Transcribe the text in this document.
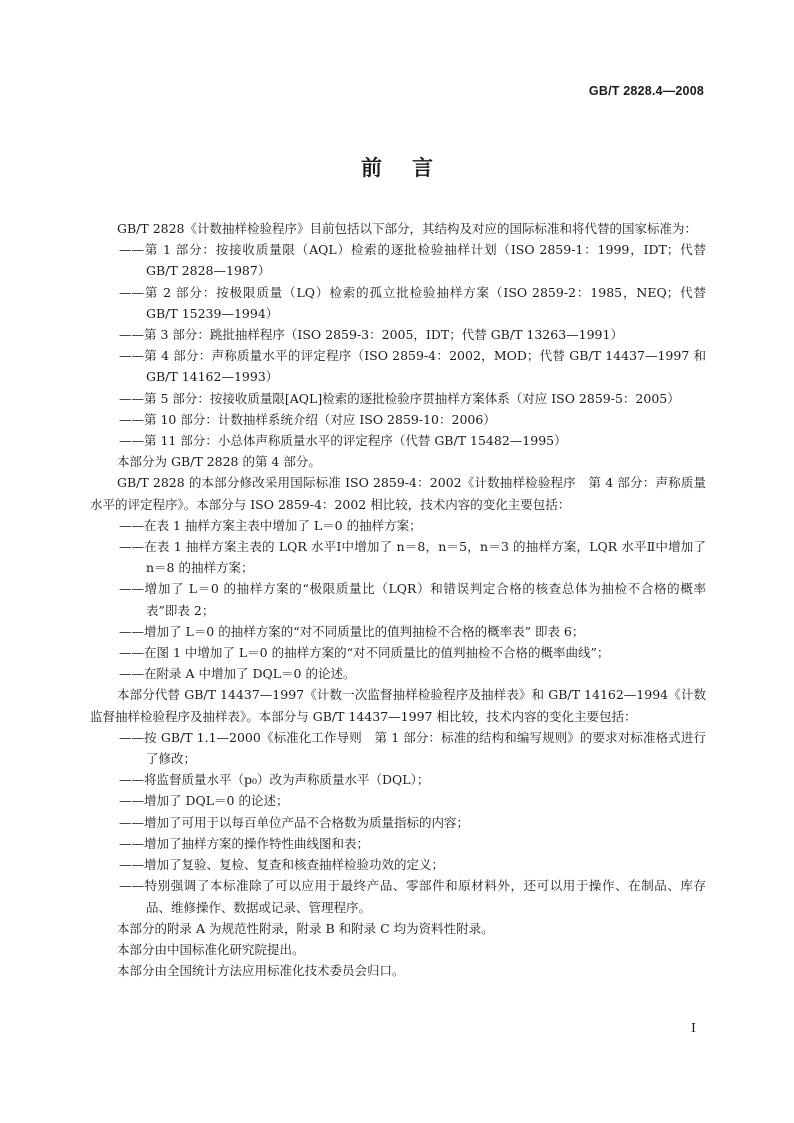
GB/T 2828.4—2008
前言

GB/T 2828《计数抽样检验程序》目前包括以下部分，其结构及对应的国际标准和将代替的国家标准为：

——第 1 部分：按接收质量限（AQL）检索的逐批检验抽样计划（ISO 2859-1：1999，IDT；代替 GB/T 2828—1987）

——第 2 部分：按极限质量（LQ）检索的孤立批检验抽样方案（ISO 2859-2：1985，NEQ；代替 GB/T 15239—1994）

——第 3 部分：跳批抽样程序（ISO 2859-3：2005，IDT；代替 GB/T 13263—1991）

——第 4 部分：声称质量水平的评定程序（ISO 2859-4：2002，MOD；代替 GB/T 14437—1997 和 GB/T 14162—1993）

——第 5 部分：按接收质量限[AQL]检索的逐批检验序贯抽样方案体系（对应 ISO 2859-5：2005）

——第 10 部分：计数抽样系统介绍（对应 ISO 2859-10：2006）

——第 11 部分：小总体声称质量水平的评定程序（代替 GB/T 15482—1995）

本部分为 GB/T 2828 的第 4 部分。

GB/T 2828 的本部分修改采用国际标准 ISO 2859-4：2002《计数抽样检验程序　第 4 部分：声称质量水平的评定程序》。本部分与 ISO 2859-4：2002 相比较，技术内容的变化主要包括：

——在表 1 抽样方案主表中增加了 L＝0 的抽样方案；

——在表 1 抽样方案主表的 LQR 水平Ⅰ中增加了 n＝8，n＝5，n＝3 的抽样方案，LQR 水平Ⅱ中增加了 n＝8 的抽样方案；

——增加了 L＝0 的抽样方案的“极限质量比（LQR）和错误判定合格的核查总体为抽检不合格的概率表”即表 2；

——增加了 L＝0 的抽样方案的“对不同质量比的值判抽检不合格的概率表” 即表 6；

——在图 1 中增加了 L＝0 的抽样方案的“对不同质量比的值判抽检不合格的概率曲线”；

——在附录 A 中增加了 DQL＝0 的论述。

本部分代替 GB/T 14437—1997《计数一次监督抽样检验程序及抽样表》和 GB/T 14162—1994《计数监督抽样检验程序及抽样表》。本部分与 GB/T 14437—1997 相比较，技术内容的变化主要包括：

——按 GB/T 1.1—2000《标准化工作导则　第 1 部分：标准的结构和编写规则》的要求对标准格式进行了修改；

——将监督质量水平（p₀）改为声称质量水平（DQL）；

——增加了 DQL＝0 的论述；

——增加了可用于以每百单位产品不合格数为质量指标的内容；

——增加了抽样方案的操作特性曲线图和表；

——增加了复验、复检、复查和核查抽样检验功效的定义；

——特别强调了本标准除了可以应用于最终产品、零部件和原材料外，还可以用于操作、在制品、库存品、维修操作、数据或记录、管理程序。

本部分的附录 A 为规范性附录，附录 B 和附录 C 均为资料性附录。

本部分由中国标准化研究院提出。

本部分由全国统计方法应用标准化技术委员会归口。

I
